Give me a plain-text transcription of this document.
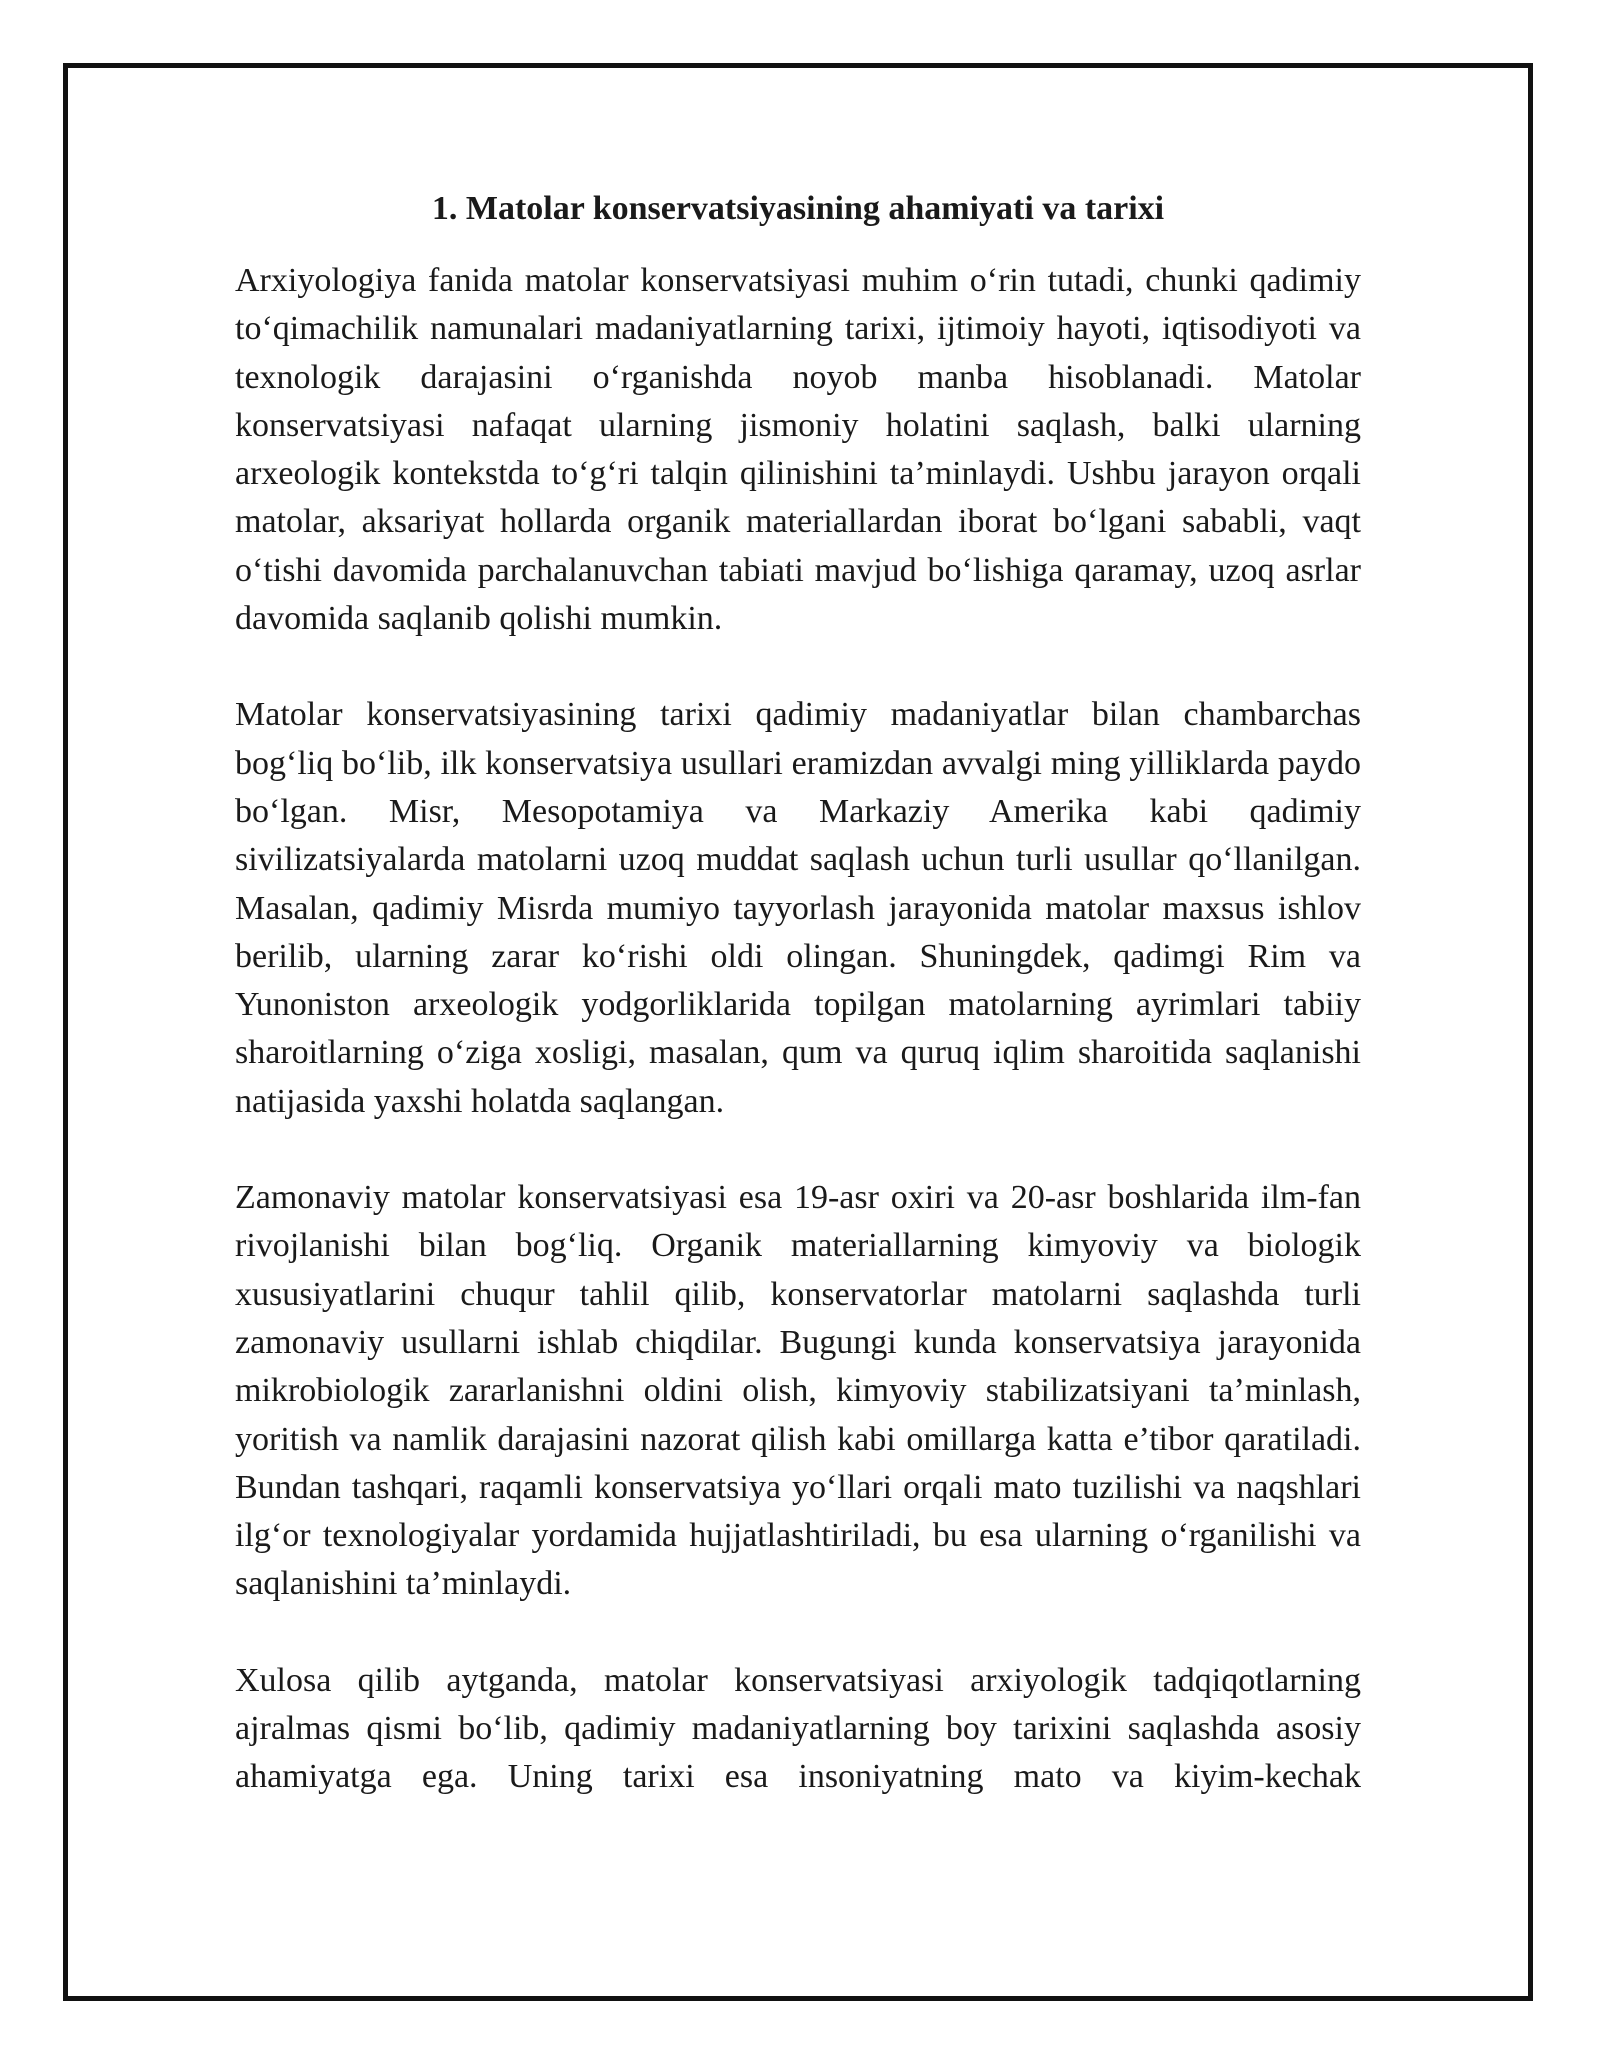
1. Matolar konservatsiyasining ahamiyati va tarixi

Arxiyologiya fanida matolar konservatsiyasi muhim o‘rin tutadi, chunki qadimiy to‘qimachilik namunalari madaniyatlarning tarixi, ijtimoiy hayoti, iqtisodiyoti va texnologik darajasini o‘rganishda noyob manba hisoblanadi. Matolar konservatsiyasi nafaqat ularning jismoniy holatini saqlash, balki ularning arxeologik kontekstda to‘g‘ri talqin qilinishini ta’minlaydi. Ushbu jarayon orqali matolar, aksariyat hollarda organik materiallardan iborat bo‘lgani sababli, vaqt o‘tishi davomida parchalanuvchan tabiati mavjud bo‘lishiga qaramay, uzoq asrlar davomida saqlanib qolishi mumkin.

Matolar konservatsiyasining tarixi qadimiy madaniyatlar bilan chambarchas bog‘liq bo‘lib, ilk konservatsiya usullari eramizdan avvalgi ming yilliklarda paydo bo‘lgan. Misr, Mesopotamiya va Markaziy Amerika kabi qadimiy sivilizatsiyalarda matolarni uzoq muddat saqlash uchun turli usullar qo‘llanilgan. Masalan, qadimiy Misrda mumiyo tayyorlash jarayonida matolar maxsus ishlov berilib, ularning zarar ko‘rishi oldi olingan. Shuningdek, qadimgi Rim va Yunoniston arxeologik yodgorliklarida topilgan matolarning ayrimlari tabiiy sharoitlarning o‘ziga xosligi, masalan, qum va quruq iqlim sharoitida saqlanishi natijasida yaxshi holatda saqlangan.

Zamonaviy matolar konservatsiyasi esa 19-asr oxiri va 20-asr boshlarida ilm-fan rivojlanishi bilan bog‘liq. Organik materiallarning kimyoviy va biologik xususiyatlarini chuqur tahlil qilib, konservatorlar matolarni saqlashda turli zamonaviy usullarni ishlab chiqdilar. Bugungi kunda konservatsiya jarayonida mikrobiologik zararlanishni oldini olish, kimyoviy stabilizatsiyani ta’minlash, yoritish va namlik darajasini nazorat qilish kabi omillarga katta e’tibor qaratiladi. Bundan tashqari, raqamli konservatsiya yo‘llari orqali mato tuzilishi va naqshlari ilg‘or texnologiyalar yordamida hujjatlashtiriladi, bu esa ularning o‘rganilishi va saqlanishini ta’minlaydi.

Xulosa qilib aytganda, matolar konservatsiyasi arxiyologik tadqiqotlarning ajralmas qismi bo‘lib, qadimiy madaniyatlarning boy tarixini saqlashda asosiy ahamiyatga ega. Uning tarixi esa insoniyatning mato va kiyim-kechak
